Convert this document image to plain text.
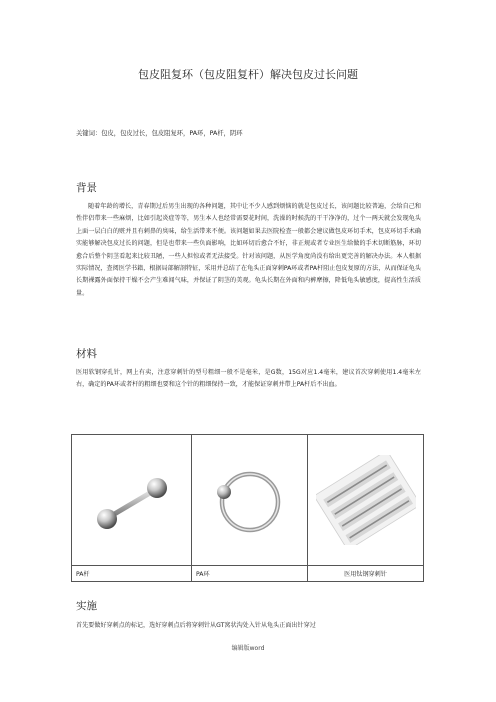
包皮阻复环（包皮阻复杆）解决包皮过长问题
关键词：包皮，包皮过长，包皮阻复环，PA环，PA杆，阴环
背景
随着年龄的增长，青春期过后男生出现的各种问题，其中让不少人感到烦恼的就是包皮过长，该问题比较普遍，会给自己和性伴侣带来一些麻烦，比如引起炎症等等，男生本人也经常需要花时间，洗澡的时候洗的干干净净的，过个一两天就会发现龟头上面一层白白的赃并且有刺鼻的臭味，给生活带来不便。该问题如果去医院检查一般都会建议做包皮环切手术，包皮环切手术确实能够解决包皮过长的问题，但是也带来一些负面影响，比如环切后愈合不好，非正规或者专业医生给做的手术切断筋脉，环切愈合后整个阴茎看起来比较丑陋，一些人担惊或者无法接受。针对该问题，从医学角度尚没有给出更完善的解决办法。本人根据实际情况，查阅医学书籍，根据局部解剖特征，采用并总结了在龟头正面穿刺PA环或者PA杆阻止包皮复原的方法，从而保证龟头长期裸露外面保持干燥不会产生难闻气味，并保证了阴茎的美观。龟头长期在外面和内裤摩擦，降低龟头敏感度，提高性生活质量。
材料
医用软钢穿孔针，网上有卖，注意穿刺针的型号粗细一般不是毫米，是G数，15G对应1.4毫米，建议首次穿刺使用1.4毫米左右，确定的PA环或者杆的粗细也要和这个针的粗细保持一致，才能保证穿刺并带上PA杆后不出血。

PA杆	PA环	医用钛钢穿刺针
实施
首先要做好穿刺点的标记，选好穿刺点后将穿刺针从GT窝状沟处入针从龟头正面出针穿过
编辑版word
